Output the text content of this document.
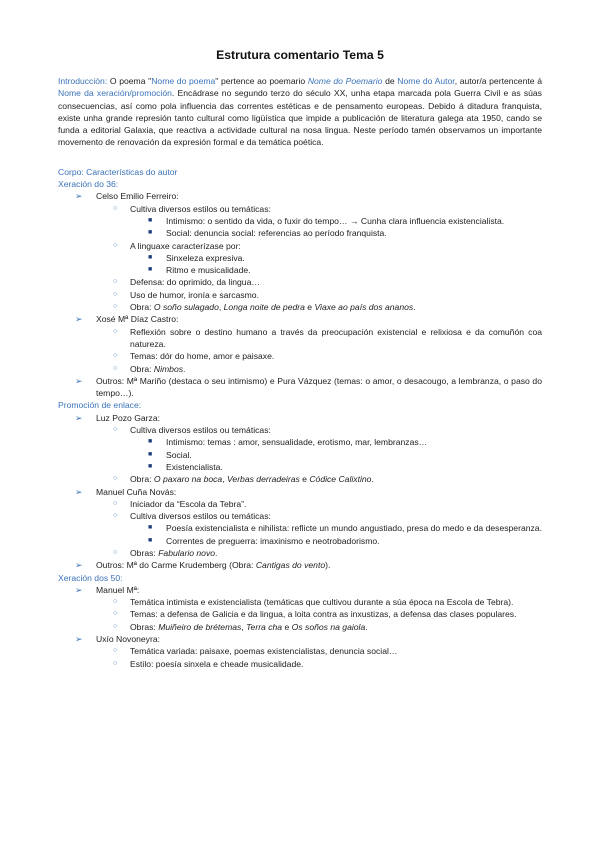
Estrutura comentario Tema 5

Introducción: O poema "Nome do poema" pertence ao poemario Nome do Poemario de Nome do Autor, autor/a pertencente á Nome da xeración/promoción. Encádrase no segundo terzo do século XX, unha etapa marcada pola Guerra Civil e as súas consecuencias, así como pola influencia das correntes estéticas e de pensamento europeas. Debido á ditadura franquista, existe unha grande represión tanto cultural como ligüística que impide a publicación de literatura galega ata 1950, cando se funda a editorial Galaxia, que reactiva a actividade cultural na nosa lingua. Neste período tamén observamos un importante movemento de renovación da expresión formal e da temática poética.

Corpo: Características do autor

Xeración do 36:

➢ Celso Emilio Ferreiro:
○ Cultiva diversos estilos ou temáticas:
■ Intimismo: o sentido da vida, o fuxir do tempo… → Cunha clara influencia existencialista.
■ Social: denuncia social: referencias ao período franquista.
○ A linguaxe caracterízase por:
■ Sinxeleza expresiva.
■ Ritmo e musicalidade.
○ Defensa: do oprimido, da lingua…
○ Uso de humor, ironía e sarcasmo.
○ Obra: O soño sulagado, Longa noite de pedra e Viaxe ao país dos ananos.
➢ Xosé Mª Díaz Castro:
○ Reflexión sobre o destino humano a través da preocupación existencial e relixiosa e da comuñón coa natureza.
○ Temas: dór do home, amor e paisaxe.
○ Obra: Nimbos.
➢ Outros: Mª Mariño (destaca o seu intimismo) e Pura Vázquez (temas: o amor, o desacougo, a lembranza, o paso do tempo…).

Promoción de enlace:

➢ Luz Pozo Garza:
○ Cultiva diversos estilos ou temáticas:
■ Intimismo: temas : amor, sensualidade, erotismo, mar, lembranzas…
■ Social.
■ Existencialista.
○ Obra: O paxaro na boca, Verbas derradeiras e Códice Calixtino.
➢ Manuel Cuña Novás:
○ Iniciador da “Escola da Tebra”.
○ Cultiva diversos estilos ou temáticas:
■ Poesía existencialista e nihilista: reflicte un mundo angustiado, presa do medo e da desesperanza.
■ Correntes de preguerra: imaxinismo e neotrobadorismo.
○ Obras: Fabulario novo.
➢ Outros: Mª do Carme Krudemberg (Obra: Cantigas do vento).

Xeración dos 50:

➢ Manuel Mª:
○ Temática intimista e existencialista (temáticas que cultivou durante a súa época na Escola de Tebra).
○ Temas: a defensa de Galicia e da lingua, a loita contra as inxustizas, a defensa das clases populares.
○ Obras: Muiñeiro de brétemas, Terra cha e Os soños na gaiola.
➢ Uxío Novoneyra:
○ Temática variada: paisaxe, poemas existencialistas, denuncia social…
○ Estilo: poesía sinxela e cheade musicalidade.
